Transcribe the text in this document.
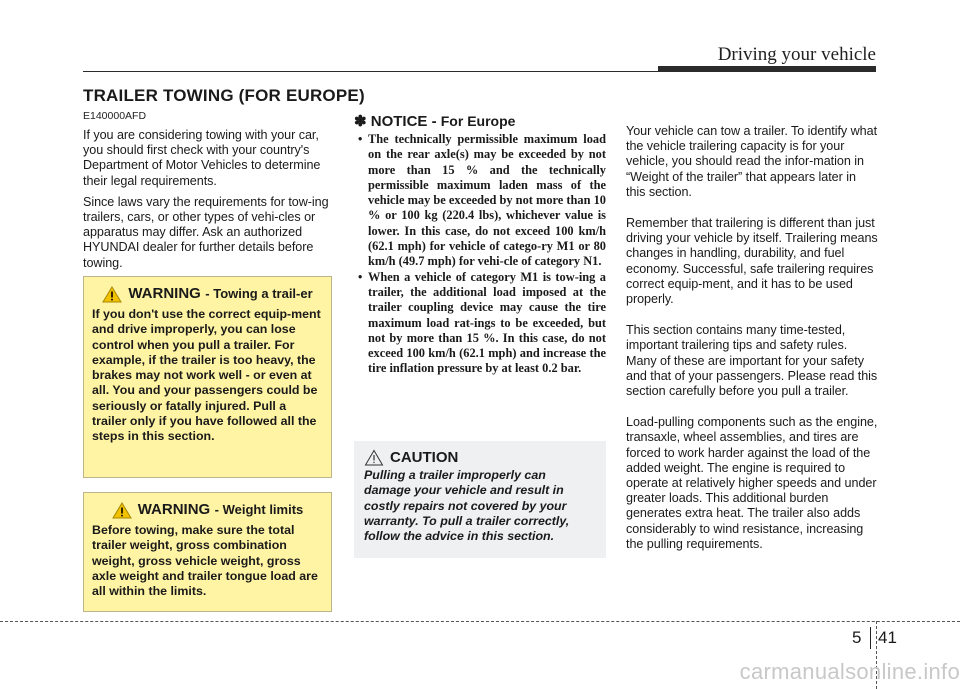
Driving your vehicle
TRAILER TOWING (FOR EUROPE)
E140000AFD

If you are considering towing with your car, you should first check with your country's Department of Motor Vehicles to determine their legal requirements.

Since laws vary the requirements for tow-ing trailers, cars, or other types of vehi-cles or apparatus may differ. Ask an authorized HYUNDAI dealer for further details before towing.

WARNING - Towing a trail-er
If you don't use the correct equip-ment and drive improperly, you can lose control when you pull a trailer. For example, if the trailer is too heavy, the brakes may not work well - or even at all. You and your passengers could be seriously or fatally injured. Pull a trailer only if you have followed all the steps in this section.
WARNING - Weight limits
Before towing, make sure the total trailer weight, gross combination weight, gross vehicle weight, gross axle weight and trailer tongue load are all within the limits.
✽ NOTICE - For Europe
• The technically permissible maximum load on the rear axle(s) may be exceeded by not more than 15 % and the technically permissible maximum laden mass of the vehicle may be exceeded by not more than 10 % or 100 kg (220.4 lbs), whichever value is lower. In this case, do not exceed 100 km/h (62.1 mph) for vehicle of catego-ry M1 or 80 km/h (49.7 mph) for vehi-cle of category N1.
• When a vehicle of category M1 is tow-ing a trailer, the additional load imposed at the trailer coupling device may cause the tire maximum load rat-ings to be exceeded, but not by more than 15 %. In this case, do not exceed 100 km/h (62.1 mph) and increase the tire inflation pressure by at least 0.2 bar.
CAUTION
Pulling a trailer improperly can damage your vehicle and result in costly repairs not covered by your warranty. To pull a trailer correctly, follow the advice in this section.

Your vehicle can tow a trailer. To identify what the vehicle trailering capacity is for your vehicle, you should read the infor-mation in “Weight of the trailer” that appears later in this section.

Remember that trailering is different than just driving your vehicle by itself. Trailering means changes in handling, durability, and fuel economy. Successful, safe trailering requires correct equip-ment, and it has to be used properly.

This section contains many time-tested, important trailering tips and safety rules. Many of these are important for your safety and that of your passengers. Please read this section carefully before you pull a trailer.

Load-pulling components such as the engine, transaxle, wheel assemblies, and tires are forced to work harder against the load of the added weight. The engine is required to operate at relatively higher speeds and under greater loads. This additional burden generates extra heat. The trailer also adds considerably to wind resistance, increasing the pulling requirements.

5 41
carmanualsonline.info
